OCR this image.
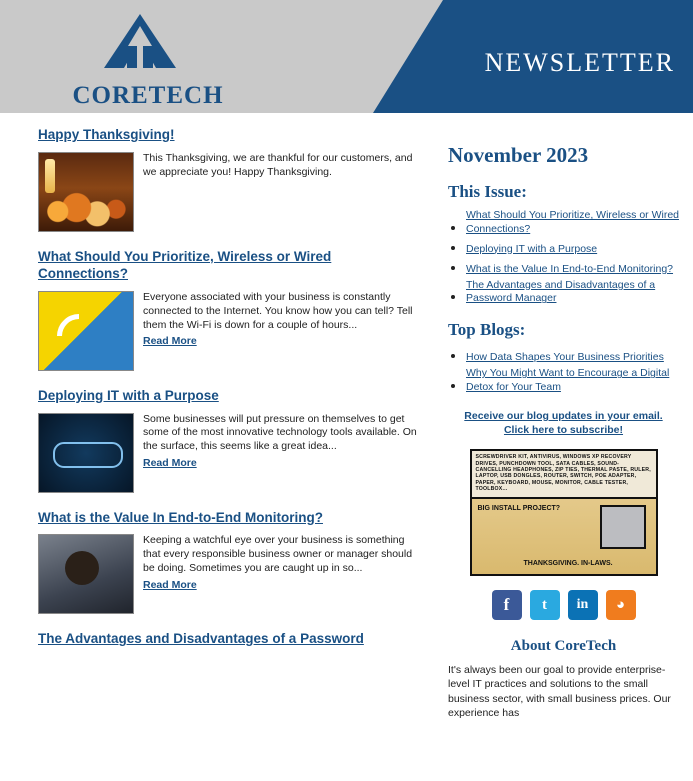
NEWSLETTER
CORETECH
Happy Thanksgiving!
This Thanksgiving, we are thankful for our customers, and we appreciate you! Happy Thanksgiving.
What Should You Prioritize, Wireless or Wired Connections?
Everyone associated with your business is constantly connected to the Internet. You know how you can tell? Tell them the Wi-Fi is down for a couple of hours...
Read More
Deploying IT with a Purpose
Some businesses will put pressure on themselves to get some of the most innovative technology tools available. On the surface, this seems like a great idea...
Read More
What is the Value In End-to-End Monitoring?
Keeping a watchful eye over your business is something that every responsible business owner or manager should be doing. Sometimes you are caught up in so...
Read More
The Advantages and Disadvantages of a Password
November 2023
This Issue:
• What Should You Prioritize, Wireless or Wired Connections?
• Deploying IT with a Purpose
• What is the Value In End-to-End Monitoring?
• The Advantages and Disadvantages of a Password Manager
Top Blogs:
• How Data Shapes Your Business Priorities
• Why You Might Want to Encourage a Digital Detox for Your Team
Receive our blog updates in your email. Click here to subscribe!
SCREWDRIVER KIT, ANTIVIRUS, WINDOWS XP RECOVERY DRIVES, PUNCHDOWN TOOL, SATA CABLES, SOUND-CANCELLING HEADPHONES, ZIP TIES, THERMAL PASTE, RULER, LAPTOP, USB DONGLES, ROUTER, SWITCH, POE ADAPTER, PAPER, KEYBOARD, MOUSE, MONITOR, CABLE TESTER, TOOLBOX...
BIG INSTALL PROJECT?
THANKSGIVING. IN-LAWS.
f	t	in	◕
About CoreTech
It's always been our goal to provide enterprise-level IT practices and solutions to the small business sector, with small business prices. Our experience has
